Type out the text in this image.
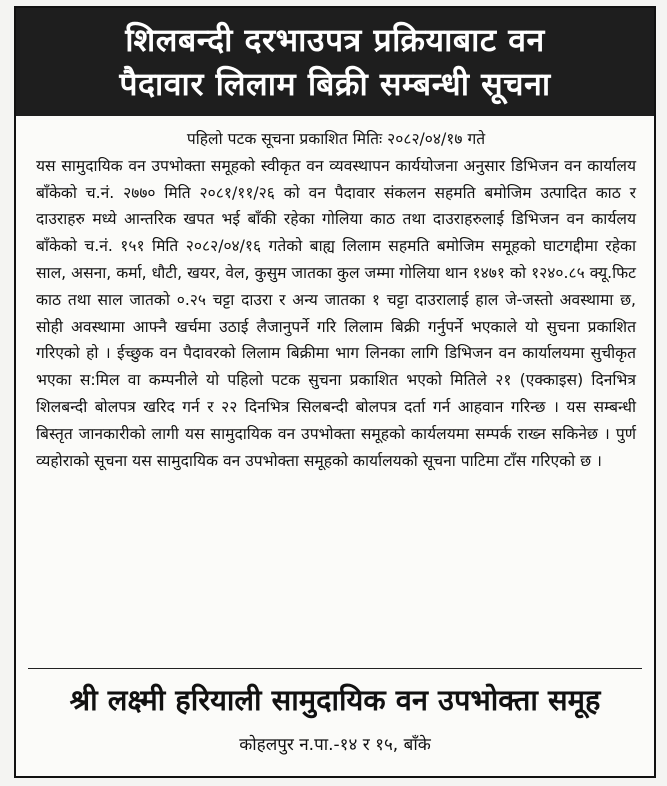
शिलबन्दी दरभाउपत्र प्रक्रियाबाट वन
पैदावार लिलाम बिक्री सम्बन्धी सूचना
पहिलो पटक सूचना प्रकाशित मितिः २०८२/०४/१७ गते
यस सामुदायिक वन उपभोक्ता समूहको स्वीकृत वन व्यवस्थापन कार्ययोजना अनुसार डिभिजन वन कार्यालय बाँकेको च.नं. २७७० मिति २०८१/११/२६ को वन पैदावार संकलन सहमति बमोजिम उत्पादित काठ र दाउराहरु मध्ये आन्तरिक खपत भई बाँकी रहेका गोलिया काठ तथा दाउराहरुलाई डिभिजन वन कार्यलय बाँकेको च.नं. १५१ मिति २०८२/०४/१६ गतेको बाह्य लिलाम सहमति बमोजिम समूहको घाटगद्दीमा रहेका साल, असना, कर्मा, धौटी, खयर, वेल, कुसुम जातका कुल जम्मा गोलिया थान १४७१ को १२४०.८५ क्यू.फिट काठ तथा साल जातको ०.२५ चट्टा दाउरा र अन्य जातका १ चट्टा दाउरालाई हाल जे-जस्तो अवस्थामा छ, सोही अवस्थामा आफ्नै खर्चमा उठाई लैजानुपर्ने गरि लिलाम बिक्री गर्नुपर्ने भएकाले यो सुचना प्रकाशित गरिएको हो । ईच्छुक वन पैदावरको लिलाम बिक्रीमा भाग लिनका लागि डिभिजन वन कार्यालयमा सुचीकृत भएका स:मिल वा कम्पनीले यो पहिलो पटक सुचना प्रकाशित भएको मितिले २१ (एक्काइस) दिनभित्र शिलबन्दी बोलपत्र खरिद गर्न र २२ दिनभित्र सिलबन्दी बोलपत्र दर्ता गर्न आहवान गरिन्छ । यस सम्बन्धी बिस्तृत जानकारीको लागी यस सामुदायिक वन उपभोक्ता समूहको कार्यलयमा सम्पर्क राख्न सकिनेछ । पुर्ण व्यहोराको सूचना यस सामुदायिक वन उपभोक्ता समूहको कार्यालयको सूचना पाटिमा टाँस गरिएको छ ।
श्री लक्ष्मी हरियाली सामुदायिक वन उपभोक्ता समूह
कोहलपुर न.पा.-१४ र १५, बाँके
